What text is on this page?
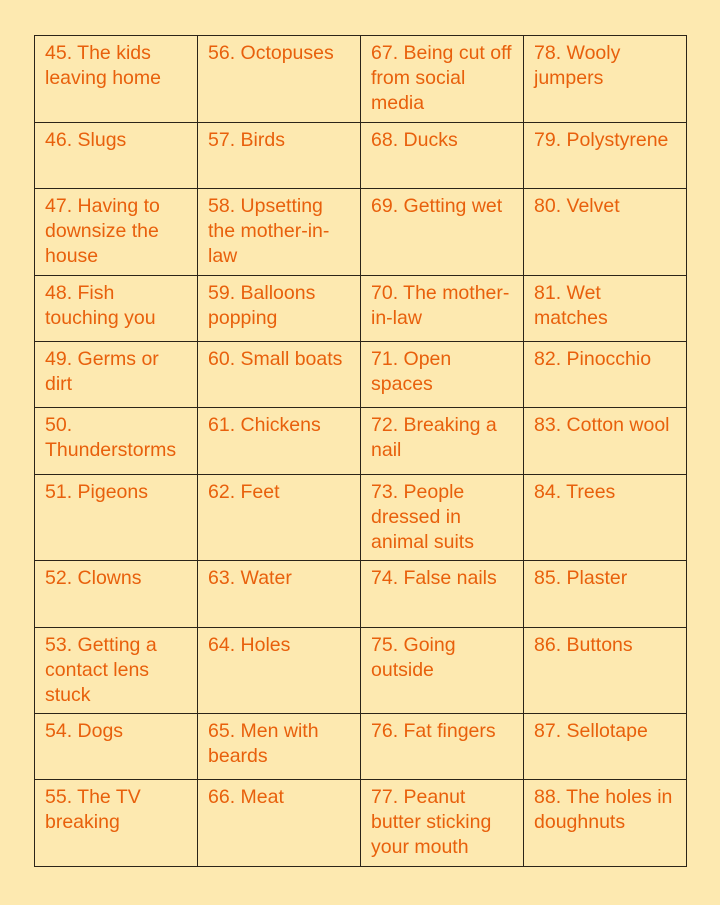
45. The kids leaving home	56. Octopuses	67. Being cut off from social media	78. Wooly jumpers
46. Slugs	57. Birds	68. Ducks	79. Polystyrene
47. Having to downsize the house	58. Upsetting the mother-in-law	69. Getting wet	80. Velvet
48. Fish touching you	59. Balloons popping	70. The mother-in-law	81. Wet matches
49. Germs or dirt	60. Small boats	71. Open spaces	82. Pinocchio
50. Thunderstorms	61. Chickens	72. Breaking a nail	83. Cotton wool
51. Pigeons	62. Feet	73. People dressed in animal suits	84. Trees
52. Clowns	63. Water	74. False nails	85. Plaster
53. Getting a contact lens stuck	64. Holes	75. Going outside	86. Buttons
54. Dogs	65. Men with beards	76. Fat fingers	87. Sellotape
55. The TV breaking	66. Meat	77. Peanut butter sticking your mouth	88. The holes in doughnuts
